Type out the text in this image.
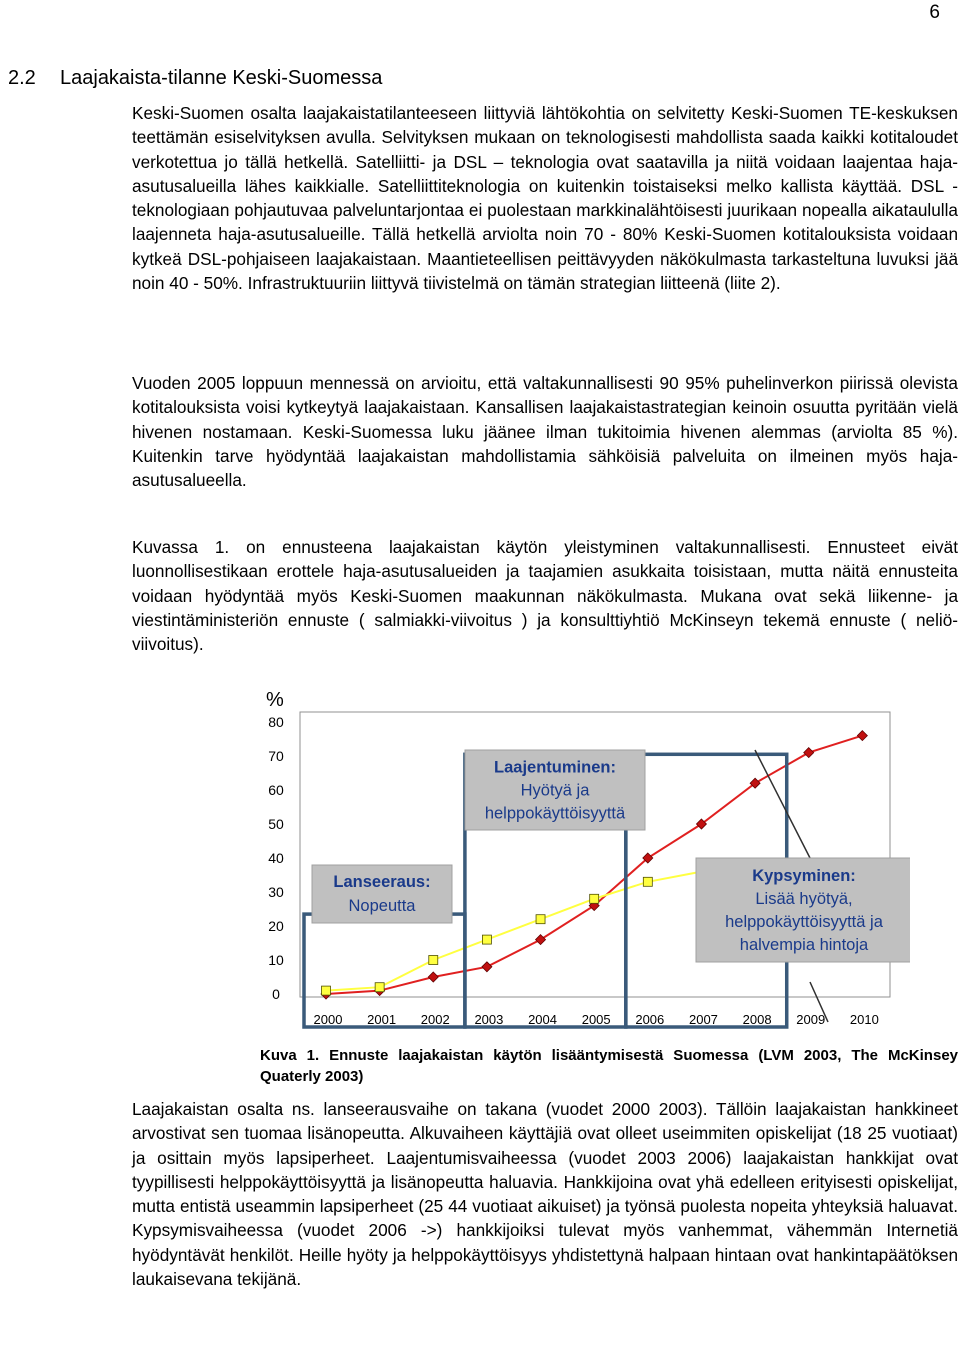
6
2.2 Laajakaista-tilanne Keski-Suomessa

Keski-Suomen osalta laajakaistatilanteeseen liittyviä lähtökohtia on selvitetty Keski-Suomen TE-keskuksen teettämän esiselvityksen avulla. Selvityksen mukaan on teknologisesti mahdollista saada kaikki kotitaloudet verkotettua jo tällä hetkellä. Satelliitti- ja DSL – teknologia ovat saatavilla ja niitä voidaan laajentaa haja-asutusalueilla lähes kaikkialle. Satelliittiteknologia on kuitenkin toistaiseksi melko kallista käyttää. DSL - teknologiaan pohjautuvaa palveluntarjontaa ei puolestaan markkinalähtöisesti juurikaan nopealla aikataululla laajenneta haja-asutusalueille. Tällä hetkellä arviolta noin 70 - 80% Keski-Suomen kotitalouksista voidaan kytkeä DSL-pohjaiseen laajakaistaan. Maantieteellisen peittävyyden näkökulmasta tarkasteltuna luvuksi jää noin 40 - 50%. Infrastruktuuriin liittyvä tiivistelmä on tämän strategian liitteenä (liite 2).

Vuoden 2005 loppuun mennessä on arvioitu, että valtakunnallisesti 90 95% puhelinverkon piirissä olevista kotitalouksista voisi kytkeytyä laajakaistaan. Kansallisen laajakaistastrategian keinoin osuutta pyritään vielä hivenen nostamaan. Keski-Suomessa luku jäänee ilman tukitoimia hivenen alemmas (arviolta 85 %). Kuitenkin tarve hyödyntää laajakaistan mahdollistamia sähköisiä palveluita on ilmeinen myös haja-asutusalueella.

Kuvassa 1. on ennusteena laajakaistan käytön yleistyminen valtakunnallisesti. Ennusteet eivät luonnollisestikaan erottele haja-asutusalueiden ja taajamien asukkaita toisistaan, mutta näitä ennusteita voidaan hyödyntää myös Keski-Suomen maakunnan näkökulmasta. Mukana ovat sekä liikenne- ja viestintäministeriön ennuste ( salmiakki-viivoitus ) ja konsulttiyhtiö McKinseyn tekemä ennuste ( neliö-viivoitus).

%
0
10
20
30
40
50
60
70
80
2000 2001 2002 2003 2004 2005 2006 2007 2008 2009 2010
Lanseeraus:
Nopeutta
Laajentuminen:
Hyötyä ja
helppokäyttöisyyttä
Kypsyminen:
Lisää hyötyä,
helppokäyttöisyyttä ja
halvempia hintoja

Kuva 1. Ennuste laajakaistan käytön lisääntymisestä Suomessa (LVM 2003, The McKinsey Quaterly 2003)

Laajakaistan osalta ns. lanseerausvaihe on takana (vuodet 2000 2003). Tällöin laajakaistan hankkineet arvostivat sen tuomaa lisänopeutta. Alkuvaiheen käyttäjiä ovat olleet useimmiten opiskelijat (18 25 vuotiaat) ja osittain myös lapsiperheet. Laajentumisvaiheessa (vuodet 2003 2006) laajakaistan hankkijat ovat tyypillisesti helppokäyttöisyyttä ja lisänopeutta haluavia. Hankkijoina ovat yhä edelleen erityisesti opiskelijat, mutta entistä useammin lapsiperheet (25 44 vuotiaat aikuiset) ja työnsä puolesta nopeita yhteyksiä haluavat. Kypsymisvaiheessa (vuodet 2006 ->) hankkijoiksi tulevat myös vanhemmat, vähemmän Internetiä hyödyntävät henkilöt. Heille hyöty ja helppokäyttöisyys yhdistettynä halpaan hintaan ovat hankintapäätöksen laukaisevana tekijänä.
